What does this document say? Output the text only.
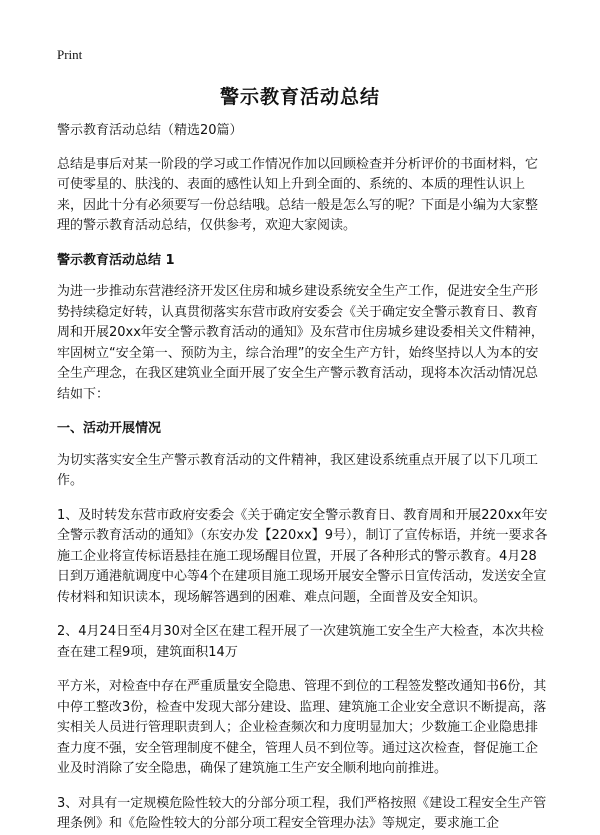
Print
警示教育活动总结

警示教育活动总结（精选20篇）

总结是事后对某一阶段的学习或工作情况作加以回顾检查并分析评价的书面材料，它可使零星的、肤浅的、表面的感性认知上升到全面的、系统的、本质的理性认识上来，因此十分有必须要写一份总结哦。总结一般是怎么写的呢？下面是小编为大家整理的警示教育活动总结，仅供参考，欢迎大家阅读。

警示教育活动总结 1

为进一步推动东营港经济开发区住房和城乡建设系统安全生产工作，促进安全生产形势持续稳定好转，认真贯彻落实东营市政府安委会《关于确定安全警示教育日、教育周和开展20xx年安全警示教育活动的通知》及东营市住房城乡建设委相关文件精神，牢固树立“安全第一、预防为主，综合治理”的安全生产方针，始终坚持以人为本的安全生产理念，在我区建筑业全面开展了安全生产警示教育活动，现将本次活动情况总结如下：

一、活动开展情况

为切实落实安全生产警示教育活动的文件精神，我区建设系统重点开展了以下几项工作。

1、及时转发东营市政府安委会《关于确定安全警示教育日、教育周和开展220xx年安全警示教育活动的通知》（东安办发【220xx】9号），制订了宣传标语，并统一要求各施工企业将宣传标语悬挂在施工现场醒目位置，开展了各种形式的警示教育。4月28日到万通港航调度中心等4个在建项目施工现场开展安全警示日宣传活动，发送安全宣传材料和知识读本，现场解答遇到的困难、难点问题，全面普及安全知识。

2、4月24日至4月30对全区在建工程开展了一次建筑施工安全生产大检查，本次共检查在建工程9项，建筑面积14万

平方米，对检查中存在严重质量安全隐患、管理不到位的工程签发整改通知书6份，其中停工整改3份，检查中发现大部分建设、监理、建筑施工企业安全意识不断提高，落实相关人员进行管理职责到人；企业检查频次和力度明显加大；少数施工企业隐患排查力度不强，安全管理制度不健全，管理人员不到位等。通过这次检查，督促施工企业及时消除了安全隐患，确保了建筑施工生产安全顺利地向前推进。

3、对具有一定规模危险性较大的分部分项工程，我们严格按照《建设工程安全生产管理条例》和《危险性较大的分部分项工程安全管理办法》等规定，要求施工企
